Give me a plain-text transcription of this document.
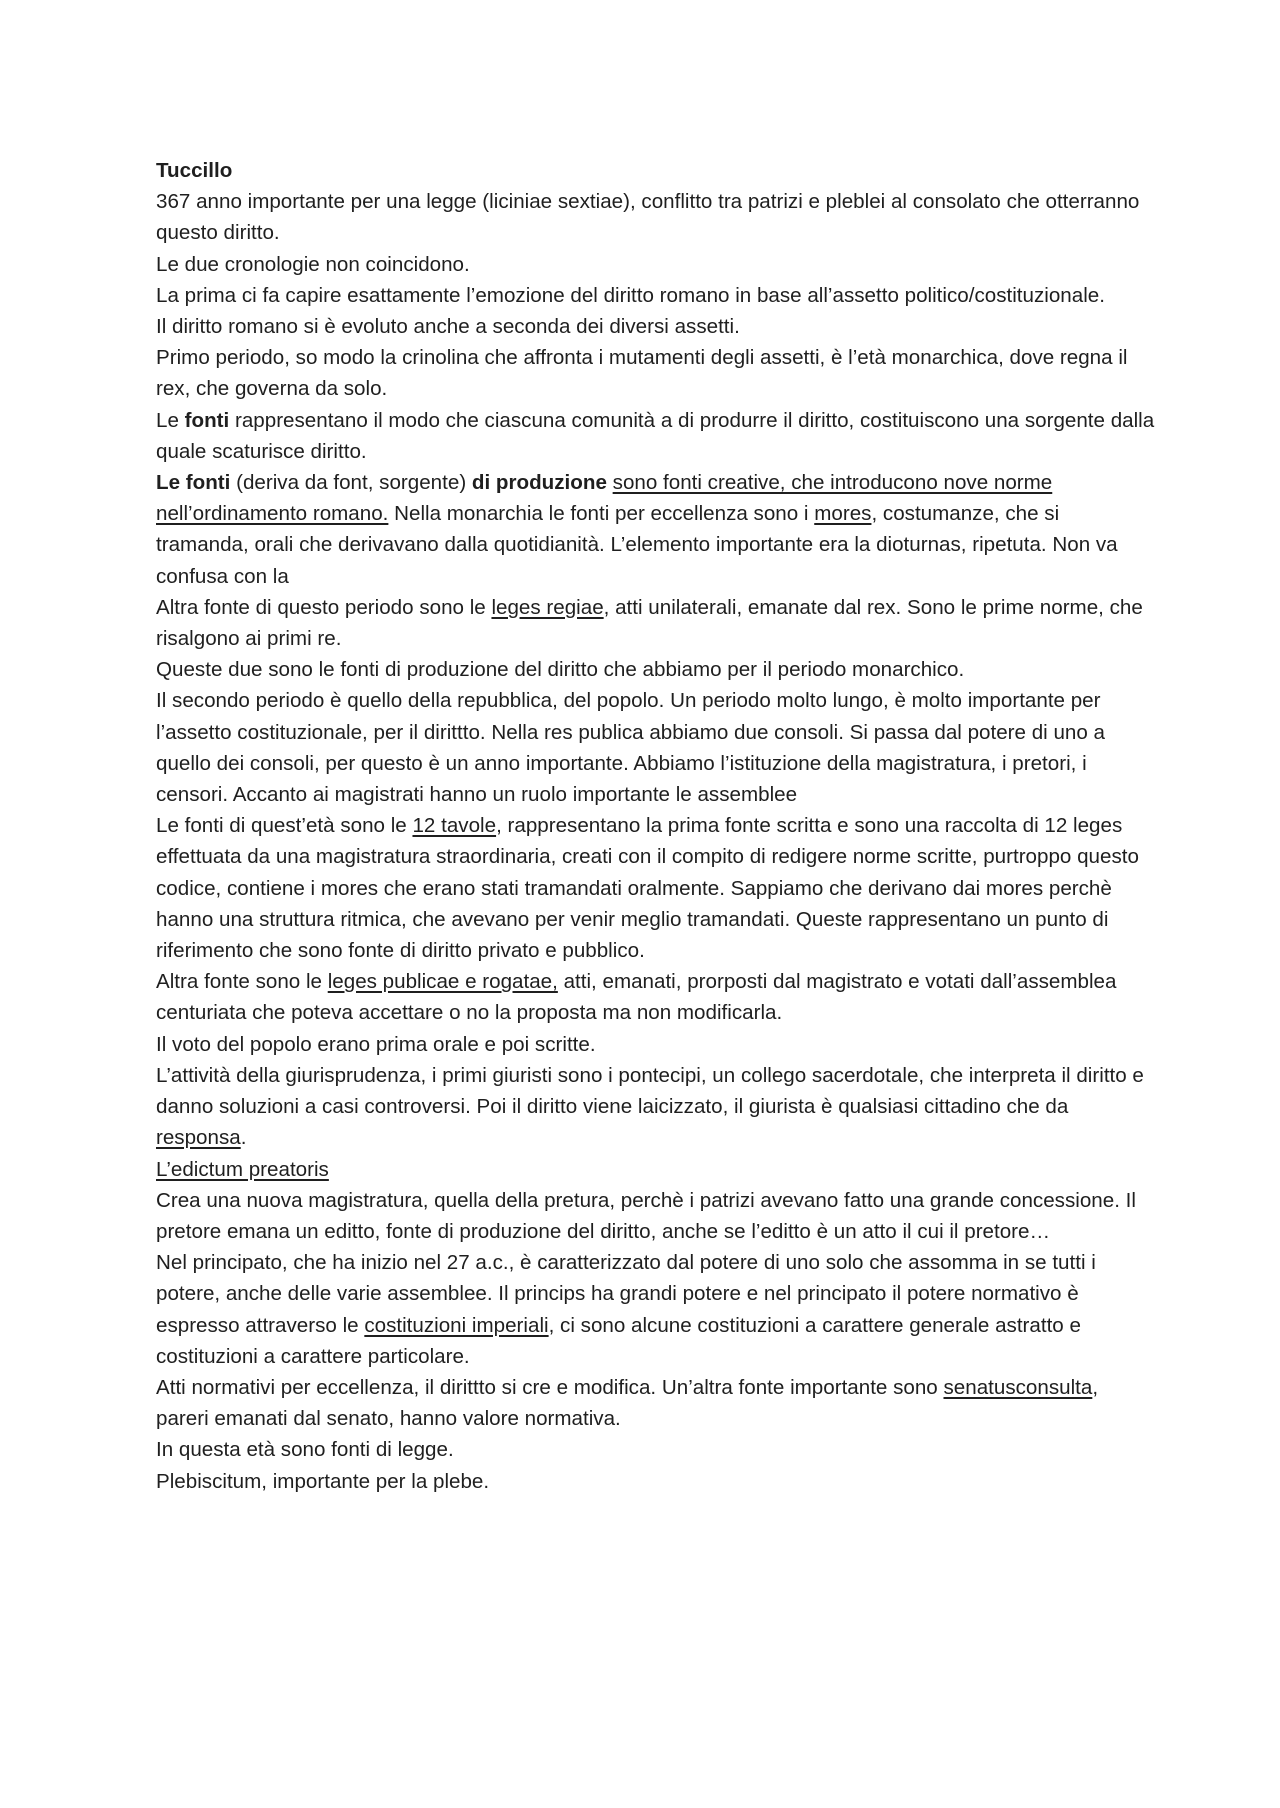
Tuccillo
367 anno importante per una legge (liciniae sextiae), conflitto tra patrizi e pleblei al consolato che otterranno questo diritto.
Le due cronologie non coincidono.
La prima ci fa capire esattamente l’emozione del diritto romano in base all’assetto politico/costituzionale.
Il diritto romano si è evoluto anche a seconda dei diversi assetti.
Primo periodo, so modo la crinolina che affronta i mutamenti degli assetti, è l’età monarchica, dove regna il rex, che governa da solo.
Le fonti rappresentano il modo che ciascuna comunità a di produrre il diritto, costituiscono una sorgente dalla quale scaturisce diritto.
Le fonti (deriva da font, sorgente) di produzione sono fonti creative, che introducono nove norme nell’ordinamento romano. Nella monarchia le fonti per eccellenza sono i mores, costumanze, che si tramanda, orali che derivavano dalla quotidianità. L’elemento importante era la dioturnas, ripetuta. Non va confusa con la
Altra fonte di questo periodo sono le leges regiae, atti unilaterali, emanate dal rex. Sono le prime norme, che risalgono ai primi re.
Queste due sono le fonti di produzione del diritto che abbiamo per il periodo monarchico.
Il secondo periodo è quello della repubblica, del popolo. Un periodo molto lungo, è molto importante per l’assetto costituzionale, per il dirittto. Nella res publica abbiamo due consoli. Si passa dal potere di uno a quello dei consoli, per questo è un anno importante. Abbiamo l’istituzione della magistratura, i pretori, i censori. Accanto ai magistrati hanno un ruolo importante le assemblee
Le fonti di quest’età sono le 12 tavole, rappresentano la prima fonte scritta e sono una raccolta di 12 leges effettuata da una magistratura straordinaria, creati con il compito di redigere norme scritte, purtroppo questo codice, contiene i mores che erano stati tramandati oralmente. Sappiamo che derivano dai mores perchè hanno una struttura ritmica, che avevano per venir meglio tramandati. Queste rappresentano un punto di riferimento che sono fonte di diritto privato e pubblico.
Altra fonte sono le leges publicae e rogatae, atti, emanati, prorposti dal magistrato e votati dall’assemblea centuriata che poteva accettare o no la proposta ma non modificarla.
Il voto del popolo erano prima orale e poi scritte.
L’attività della giurisprudenza, i primi giuristi sono i pontecipi, un collego sacerdotale, che interpreta il diritto e danno soluzioni a casi controversi. Poi il diritto viene laicizzato, il giurista è qualsiasi cittadino che da responsa.
L’edictum preatoris
Crea una nuova magistratura, quella della pretura, perchè i patrizi avevano fatto una grande concessione. Il pretore emana un editto, fonte di produzione del diritto, anche se l’editto è un atto il cui il pretore…
Nel principato, che ha inizio nel 27 a.c., è caratterizzato dal potere di uno solo che assomma in se tutti i potere, anche delle varie assemblee. Il princips ha grandi potere e nel principato il potere normativo è espresso attraverso le costituzioni imperiali, ci sono alcune costituzioni a carattere generale astratto e costituzioni a carattere particolare.
Atti normativi per eccellenza, il dirittto si cre e modifica. Un’altra fonte importante sono senatusconsulta, pareri emanati dal senato, hanno valore normativa.
In questa età sono fonti di legge.
Plebiscitum, importante per la plebe.
